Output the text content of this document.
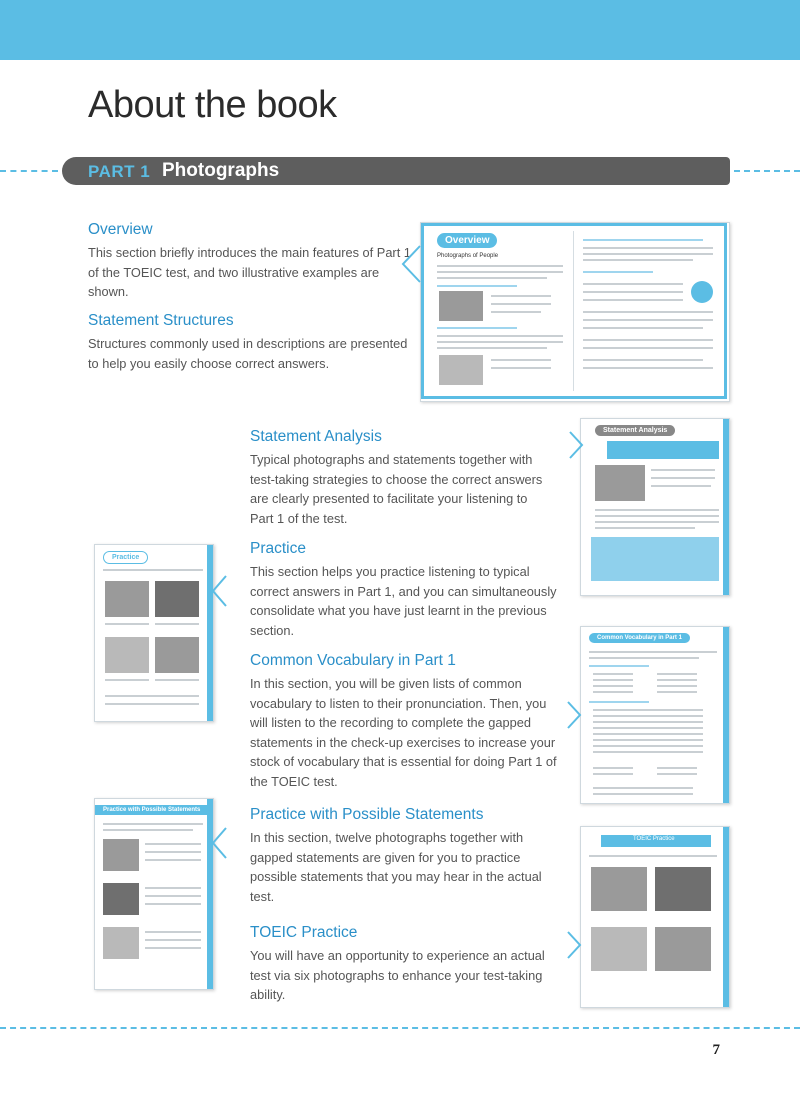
About the book
PART 1 Photographs
Overview

This section briefly introduces the main features of Part 1 of the TOEIC test, and two illustrative examples are shown.

Statement Structures

Structures commonly used in descriptions are presented to help you easily choose correct answers.

Overview
Photographs of People
Statement Analysis

Typical photographs and statements together with test-taking strategies to choose the correct answers are clearly presented to facilitate your listening to Part 1 of the test.

Statement Analysis
Practice
Practice

This section helps you practice listening to typical correct answers in Part 1, and you can simultaneously consolidate what you have just learnt in the previous section.

Common Vocabulary in Part 1

In this section, you will be given lists of common vocabulary to listen to their pronunciation. Then, you will listen to the recording to complete the gapped statements in the check-up exercises to increase your stock of vocabulary that is essential for doing Part 1 of the TOEIC test.

Common Vocabulary in Part 1
Practice with Possible Statements	Practice with Possible Statements

In this section, twelve photographs together with gapped statements are given for you to practice possible statements that you may hear in the actual test.

TOEIC Practice

You will have an opportunity to experience an actual test via six photographs to enhance your test-taking ability.

TOEIC Practice
7
